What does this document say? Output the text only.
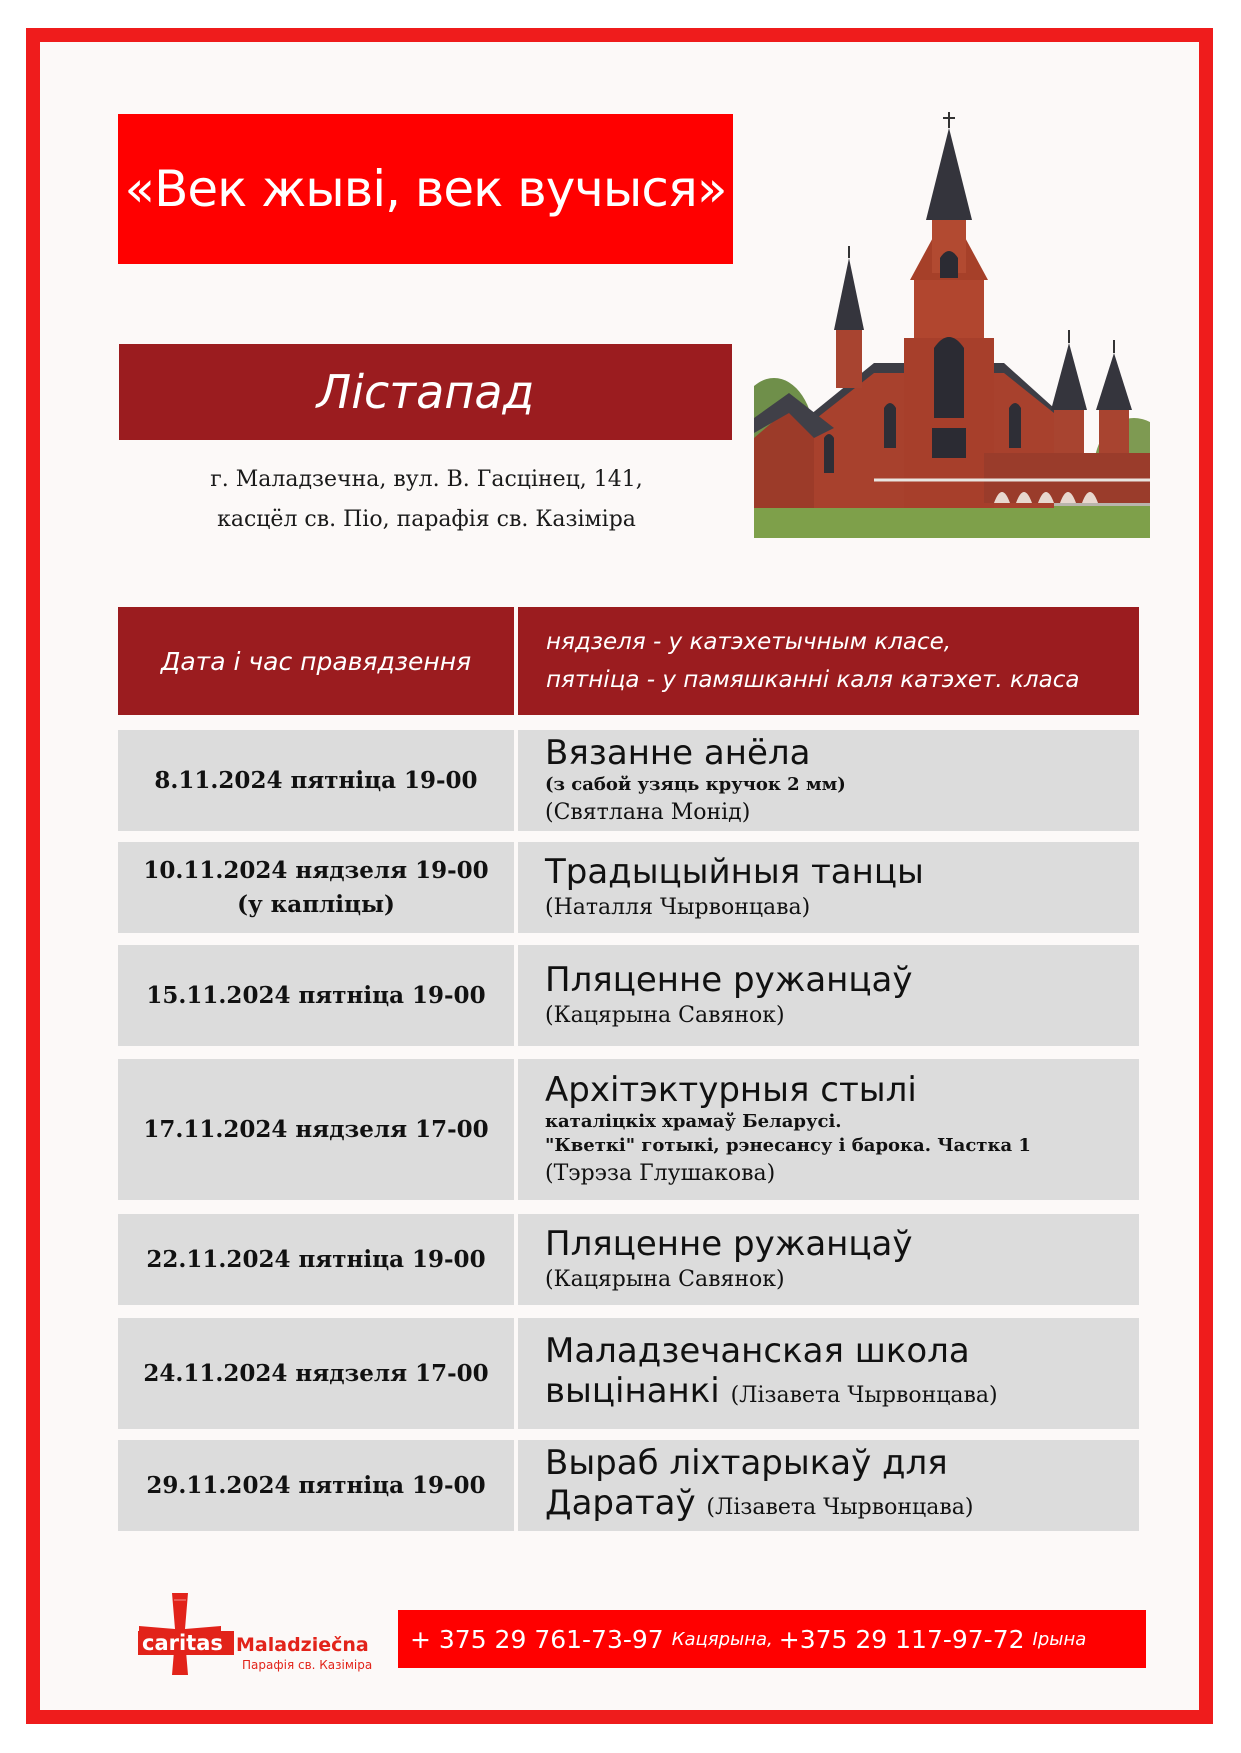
«Век жыві, век вучыся»
Лістапад
г. Маладзечна, вул. В. Гасцінец, 141,
касцёл св. Піо, парафія св. Казіміра
Дата і час правядзення
нядзеля - у катэхетычным класе,
пятніца - у памяшканні каля катэхет. класа
8.11.2024 пятніца 19-00
Вязанне анёла
(з сабой узяць кручок 2 мм)
(Святлана Монід)
10.11.2024 нядзеля 19-00
(у капліцы)
Традыцыйныя танцы
(Наталля Чырвонцава)
15.11.2024 пятніца 19-00 Пляценне ружанцаў
(Кацярына Савянок)
17.11.2024 нядзеля 17-00
Архітэктурныя стылі
каталіцкіх храмаў Беларусі.
"Кветкі" готыкі, рэнесансу і барока. Частка 1
(Тэрэза Глушакова)
22.11.2024 пятніца 19-00 Пляценне ружанцаў
(Кацярына Савянок)
24.11.2024 нядзеля 17-00
Маладзечанская школа
выцінанкі (Лізавета Чырвонцава)
29.11.2024 пятніца 19-00
Выраб ліхтарыкаў для
Даратаў (Лізавета Чырвонцава)
caritas Maladziečna
Парафія св. Казіміра
+ 375 29 761-73-97 Кацярына, +375 29 117-97-72 Ірына
